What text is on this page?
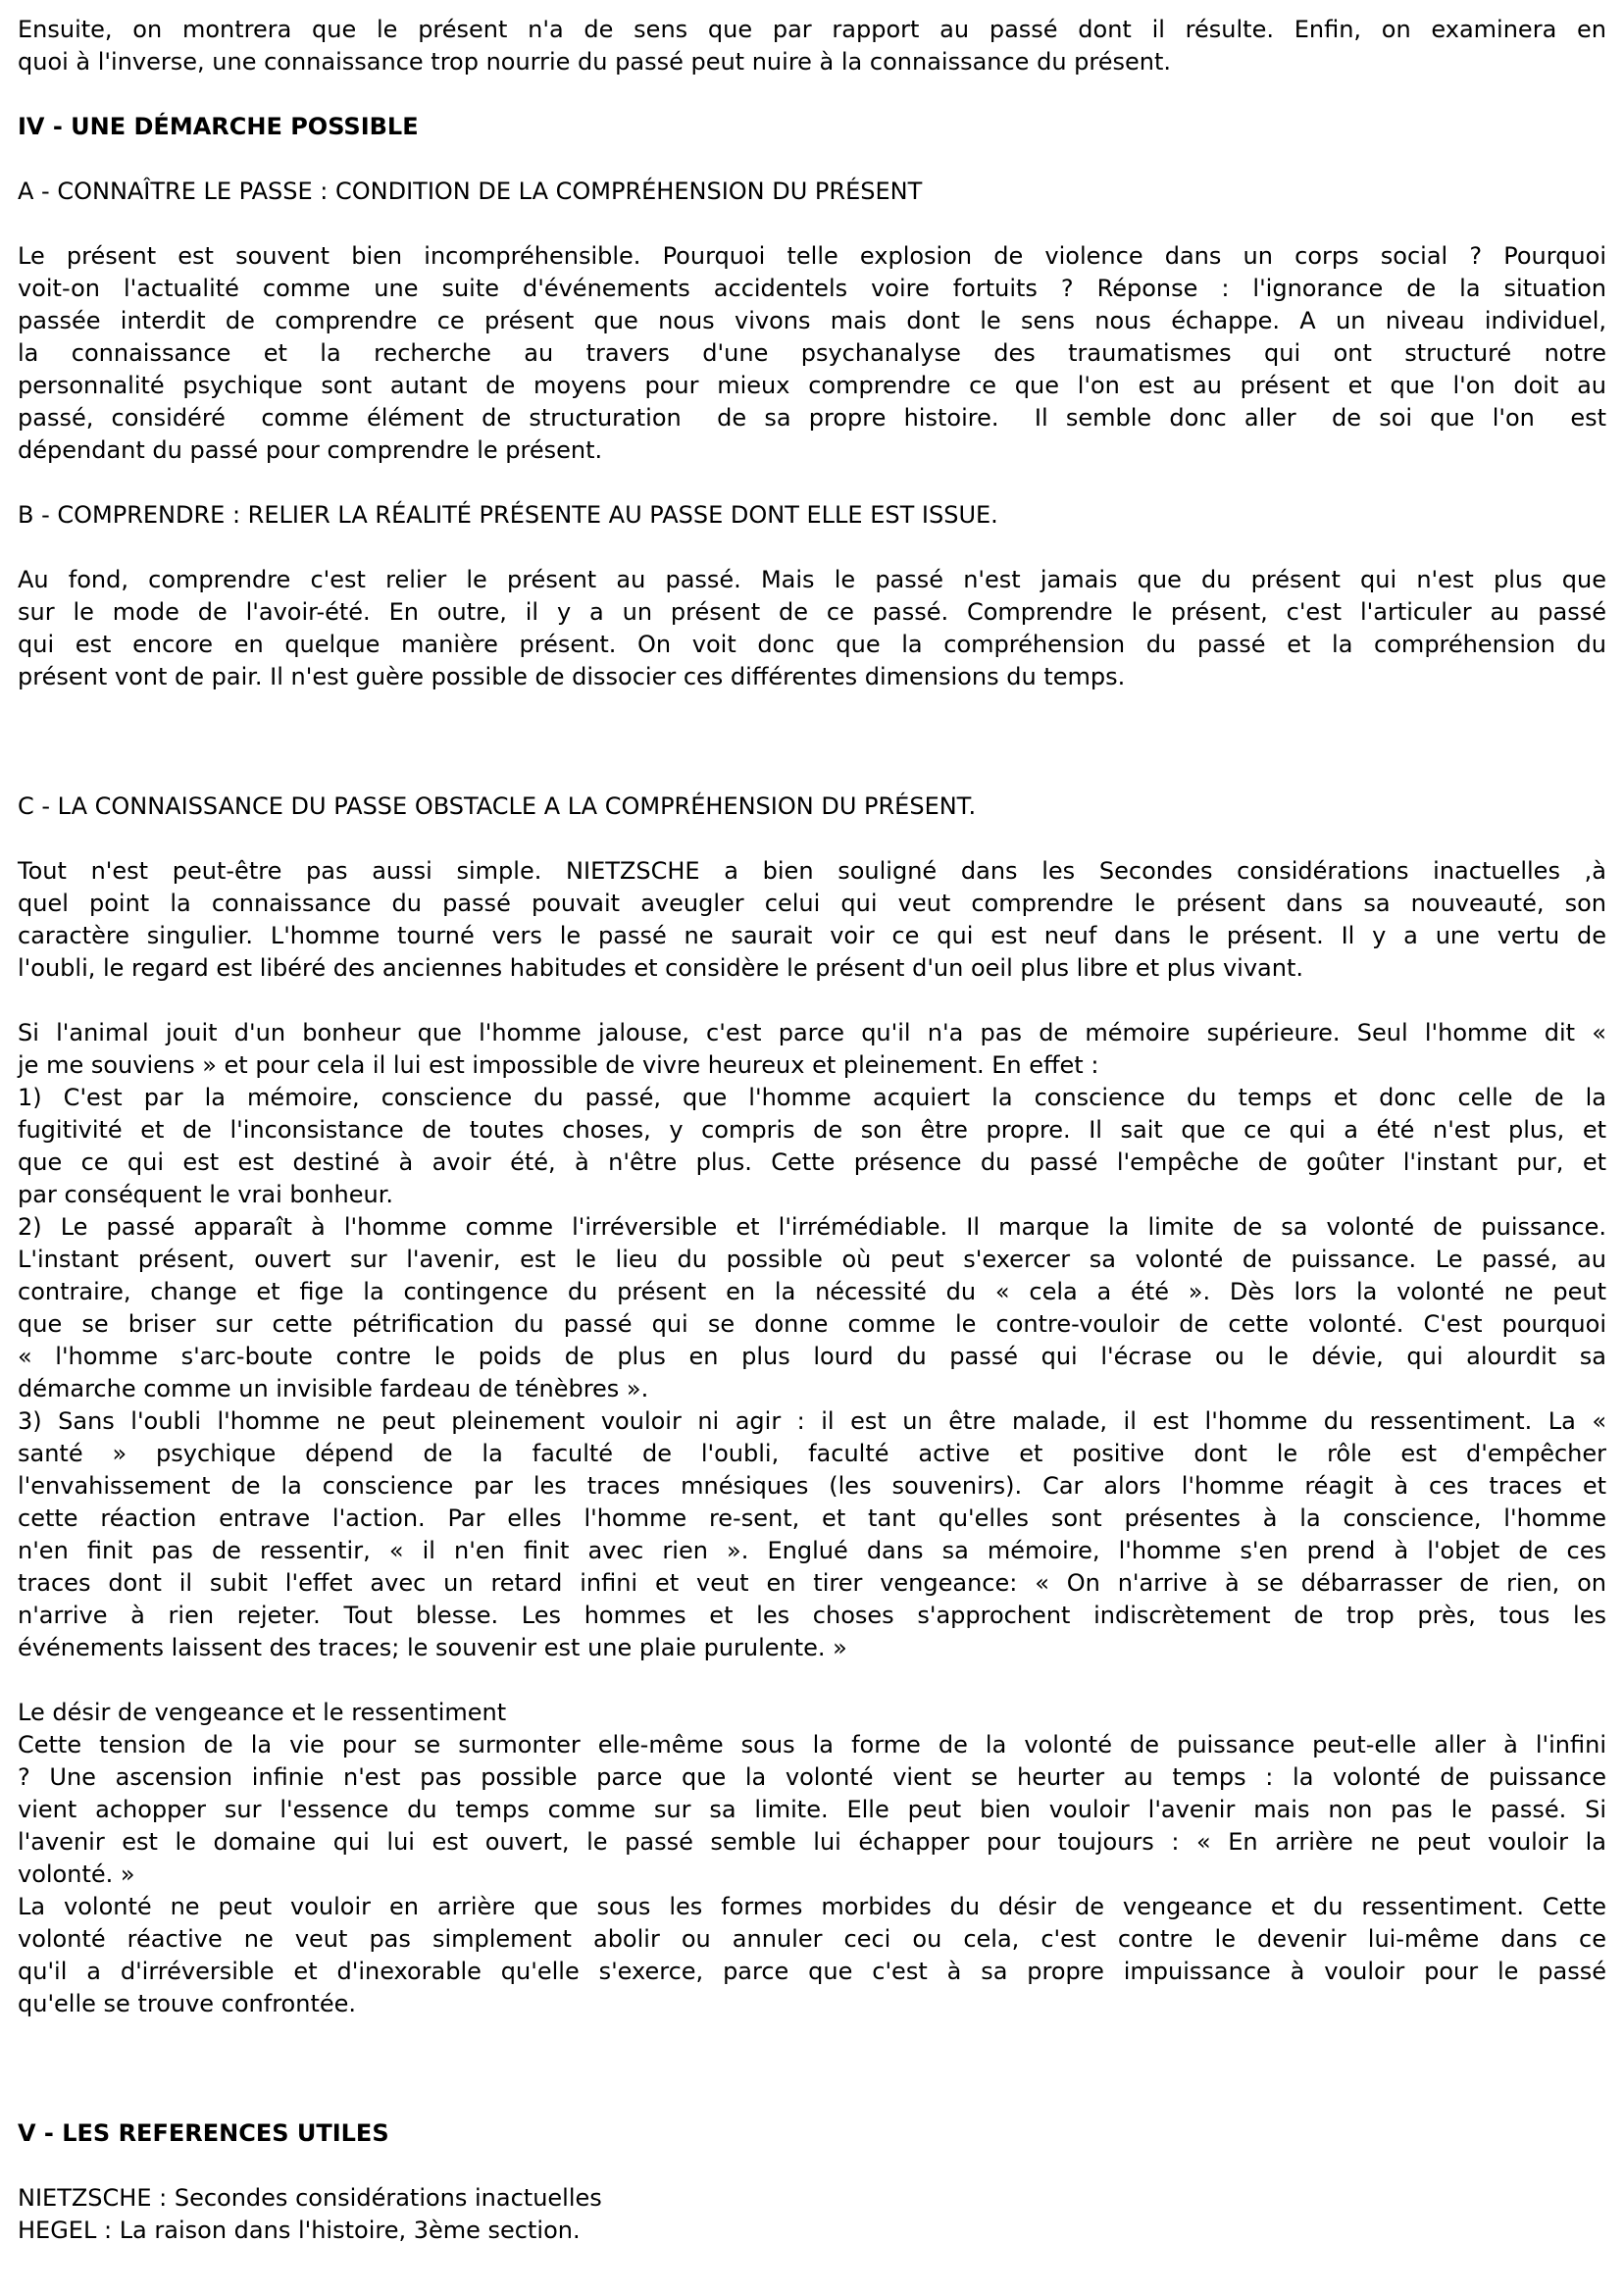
Ensuite, on montrera que le présent n'a de sens que par rapport au passé dont il résulte. Enfin, on examinera en
quoi à l'inverse, une connaissance trop nourrie du passé peut nuire à la connaissance du présent.
IV - UNE DÉMARCHE POSSIBLE
A - CONNAÎTRE LE PASSE : CONDITION DE LA COMPRÉHENSION DU PRÉSENT
Le présent est souvent bien incompréhensible. Pourquoi telle explosion de violence dans un corps social ? Pourquoi
voit-on l'actualité comme une suite d'événements accidentels voire fortuits ? Réponse : l'ignorance de la situation
passée interdit de comprendre ce présent que nous vivons mais dont le sens nous échappe. A un niveau individuel,
la connaissance et la recherche au travers d'une psychanalyse des traumatismes qui ont structuré notre
personnalité psychique sont autant de moyens pour mieux comprendre ce que l'on est au présent et que l'on doit au
passé, considéré  comme élément de structuration  de sa propre histoire.  Il semble donc aller  de soi que l'on  est
dépendant du passé pour comprendre le présent.
B - COMPRENDRE : RELIER LA RÉALITÉ PRÉSENTE AU PASSE DONT ELLE EST ISSUE.
Au fond, comprendre c'est relier le présent au passé. Mais le passé n'est jamais que du présent qui n'est plus que
sur le mode de l'avoir-été. En outre, il y a un présent de ce passé. Comprendre le présent, c'est l'articuler au passé
qui est encore en quelque manière présent. On voit donc que la compréhension du passé et la compréhension du
présent vont de pair. Il n'est guère possible de dissocier ces différentes dimensions du temps.
C - LA CONNAISSANCE DU PASSE OBSTACLE A LA COMPRÉHENSION DU PRÉSENT.
Tout n'est peut-être pas aussi simple. NIETZSCHE a bien souligné dans les Secondes considérations inactuelles ,à
quel point la connaissance du passé pouvait aveugler celui qui veut comprendre le présent dans sa nouveauté, son
caractère singulier. L'homme tourné vers le passé ne saurait voir ce qui est neuf dans le présent. Il y a une vertu de
l'oubli, le regard est libéré des anciennes habitudes et considère le présent d'un oeil plus libre et plus vivant.
Si l'animal jouit d'un bonheur que l'homme jalouse, c'est parce qu'il n'a pas de mémoire supérieure. Seul l'homme dit «
je me souviens » et pour cela il lui est impossible de vivre heureux et pleinement. En effet :
1) C'est par la mémoire, conscience du passé, que l'homme acquiert la conscience du temps et donc celle de la
fugitivité et de l'inconsistance de toutes choses, y compris de son être propre. Il sait que ce qui a été n'est plus, et
que ce qui est est destiné à avoir été, à n'être plus. Cette présence du passé l'empêche de goûter l'instant pur, et
par conséquent le vrai bonheur.
2) Le passé apparaît à l'homme comme l'irréversible et l'irrémédiable. Il marque la limite de sa volonté de puissance.
L'instant présent, ouvert sur l'avenir, est le lieu du possible où peut s'exercer sa volonté de puissance. Le passé, au
contraire, change et fige la contingence du présent en la nécessité du « cela a été ». Dès lors la volonté ne peut
que se briser sur cette pétrification du passé qui se donne comme le contre-vouloir de cette volonté. C'est pourquoi
« l'homme s'arc-boute contre le poids de plus en plus lourd du passé qui l'écrase ou le dévie, qui alourdit sa
démarche comme un invisible fardeau de ténèbres ».
3) Sans l'oubli l'homme ne peut pleinement vouloir ni agir : il est un être malade, il est l'homme du ressentiment. La «
santé » psychique dépend de la faculté de l'oubli, faculté active et positive dont le rôle est d'empêcher
l'envahissement de la conscience par les traces mnésiques (les souvenirs). Car alors l'homme réagit à ces traces et
cette réaction entrave l'action. Par elles l'homme re-sent, et tant qu'elles sont présentes à la conscience, l'homme
n'en finit pas de ressentir, « il n'en finit avec rien ». Englué dans sa mémoire, l'homme s'en prend à l'objet de ces
traces dont il subit l'effet avec un retard infini et veut en tirer vengeance: « On n'arrive à se débarrasser de rien, on
n'arrive à rien rejeter. Tout blesse. Les hommes et les choses s'approchent indiscrètement de trop près, tous les
événements laissent des traces; le souvenir est une plaie purulente. »
Le désir de vengeance et le ressentiment
Cette tension de la vie pour se surmonter elle-même sous la forme de la volonté de puissance peut-elle aller à l'infini
? Une ascension infinie n'est pas possible parce que la volonté vient se heurter au temps : la volonté de puissance
vient achopper sur l'essence du temps comme sur sa limite. Elle peut bien vouloir l'avenir mais non pas le passé. Si
l'avenir est le domaine qui lui est ouvert, le passé semble lui échapper pour toujours : « En arrière ne peut vouloir la
volonté. »
La volonté ne peut vouloir en arrière que sous les formes morbides du désir de vengeance et du ressentiment. Cette
volonté réactive ne veut pas simplement abolir ou annuler ceci ou cela, c'est contre le devenir lui-même dans ce
qu'il a d'irréversible et d'inexorable qu'elle s'exerce, parce que c'est à sa propre impuissance à vouloir pour le passé
qu'elle se trouve confrontée.
V - LES REFERENCES UTILES
NIETZSCHE : Secondes considérations inactuelles
HEGEL : La raison dans l'histoire, 3ème section.
